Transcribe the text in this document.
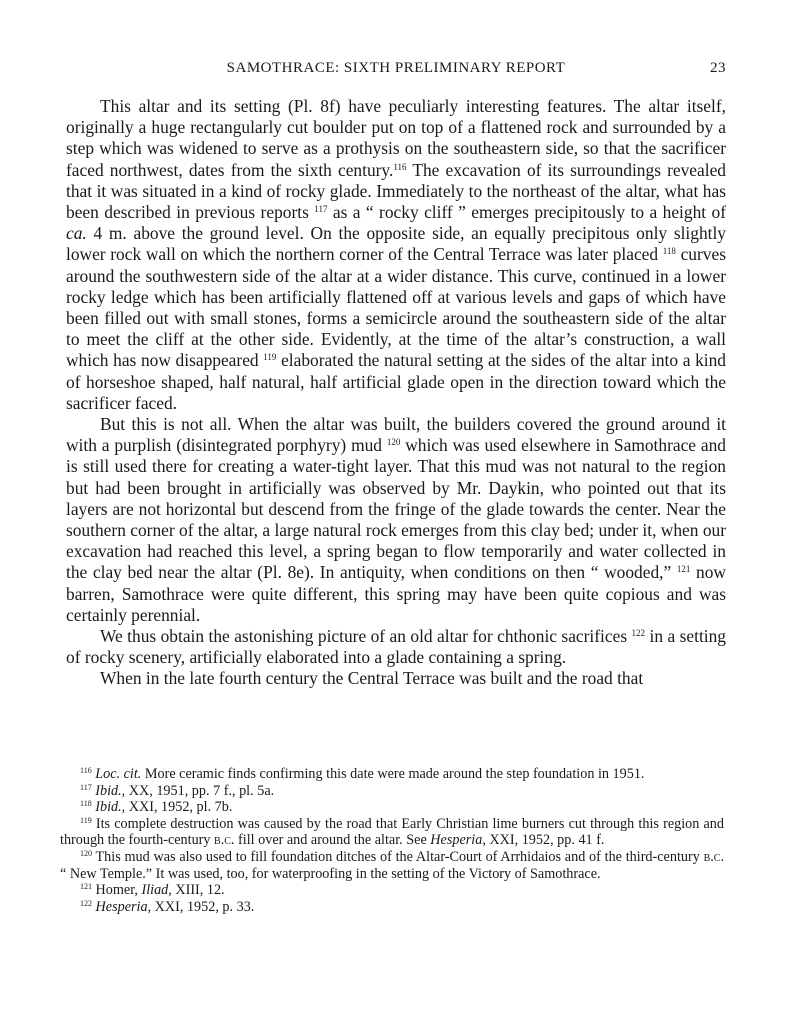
SAMOTHRACE: SIXTH PRELIMINARY REPORT	23

This altar and its setting (Pl. 8f) have peculiarly interesting features. The altar itself, originally a huge rectangularly cut boulder put on top of a flattened rock and surrounded by a step which was widened to serve as a prothysis on the southeastern side, so that the sacrificer faced northwest, dates from the sixth century.$^{116}$ The excavation of its surroundings revealed that it was situated in a kind of rocky glade. Immediately to the northeast of the altar, what has been described in previous reports $^{117}$ as a “ rocky cliff ” emerges precipitously to a height of ca. 4 m. above the ground level. On the opposite side, an equally precipitous only slightly lower rock wall on which the northern corner of the Central Terrace was later placed $^{118}$ curves around the southwestern side of the altar at a wider distance. This curve, continued in a lower rocky ledge which has been artificially flattened off at various levels and gaps of which have been filled out with small stones, forms a semicircle around the southeastern side of the altar to meet the cliff at the other side. Evidently, at the time of the altar’s construction, a wall which has now disappeared $^{119}$ elaborated the natural setting at the sides of the altar into a kind of horseshoe shaped, half natural, half artificial glade open in the direction toward which the sacrificer faced.

But this is not all. When the altar was built, the builders covered the ground around it with a purplish (disintegrated porphyry) mud $^{120}$ which was used elsewhere in Samothrace and is still used there for creating a water-tight layer. That this mud was not natural to the region but had been brought in artificially was observed by Mr. Daykin, who pointed out that its layers are not horizontal but descend from the fringe of the glade towards the center. Near the southern corner of the altar, a large natural rock emerges from this clay bed; under it, when our excavation had reached this level, a spring began to flow temporarily and water collected in the clay bed near the altar (Pl. 8e). In antiquity, when conditions on then “ wooded,” $^{121}$ now barren, Samothrace were quite different, this spring may have been quite copious and was certainly perennial.

We thus obtain the astonishing picture of an old altar for chthonic sacrifices $^{122}$ in a setting of rocky scenery, artificially elaborated into a glade containing a spring.

When in the late fourth century the Central Terrace was built and the road that

$^{116}$ Loc. cit. More ceramic finds confirming this date were made around the step foundation in 1951.

$^{117}$ Ibid., XX, 1951, pp. 7 f., pl. 5a.

$^{118}$ Ibid., XXI, 1952, pl. 7b.

$^{119}$ Its complete destruction was caused by the road that Early Christian lime burners cut through this region and through the fourth-century b.c. fill over and around the altar. See Hesperia, XXI, 1952, pp. 41 f.

$^{120}$ This mud was also used to fill foundation ditches of the Altar-Court of Arrhidaios and of the third-century b.c. “ New Temple.” It was used, too, for waterproofing in the setting of the Victory of Samothrace.

$^{121}$ Homer, Iliad, XIII, 12.

$^{122}$ Hesperia, XXI, 1952, p. 33.
